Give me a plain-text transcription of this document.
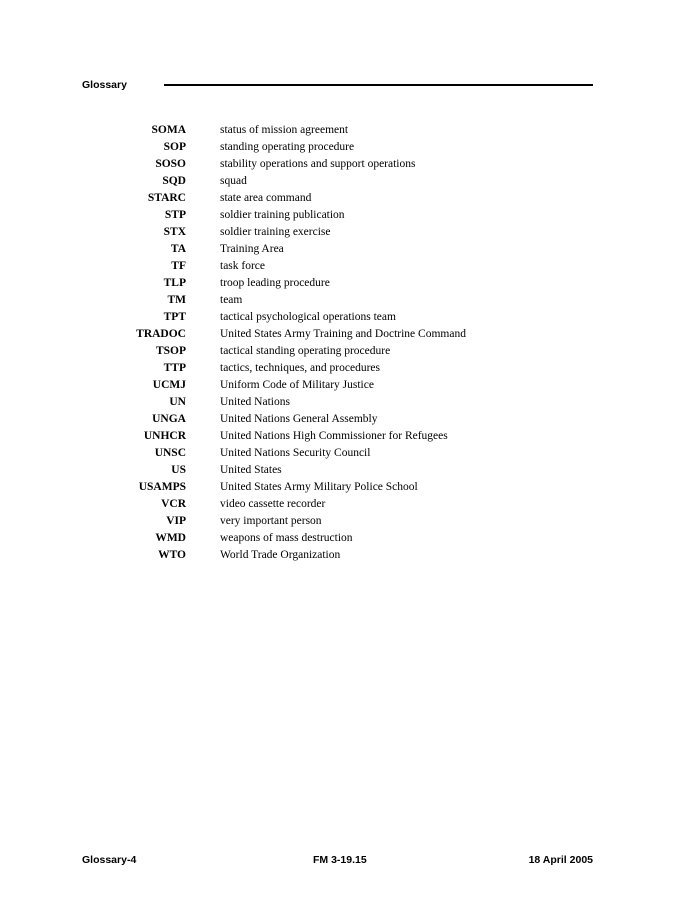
Glossary
SOMA	status of mission agreement
SOP	standing operating procedure
SOSO	stability operations and support operations
SQD	squad
STARC	state area command
STP	soldier training publication
STX	soldier training exercise
TA	Training Area
TF	task force
TLP	troop leading procedure
TM	team
TPT	tactical psychological operations team
TRADOC	United States Army Training and Doctrine Command
TSOP	tactical standing operating procedure
TTP	tactics, techniques, and procedures
UCMJ	Uniform Code of Military Justice
UN	United Nations
UNGA	United Nations General Assembly
UNHCR	United Nations High Commissioner for Refugees
UNSC	United Nations Security Council
US	United States
USAMPS	United States Army Military Police School
VCR	video cassette recorder
VIP	very important person
WMD	weapons of mass destruction
WTO	World Trade Organization
Glossary-4	FM 3-19.15	18 April 2005
